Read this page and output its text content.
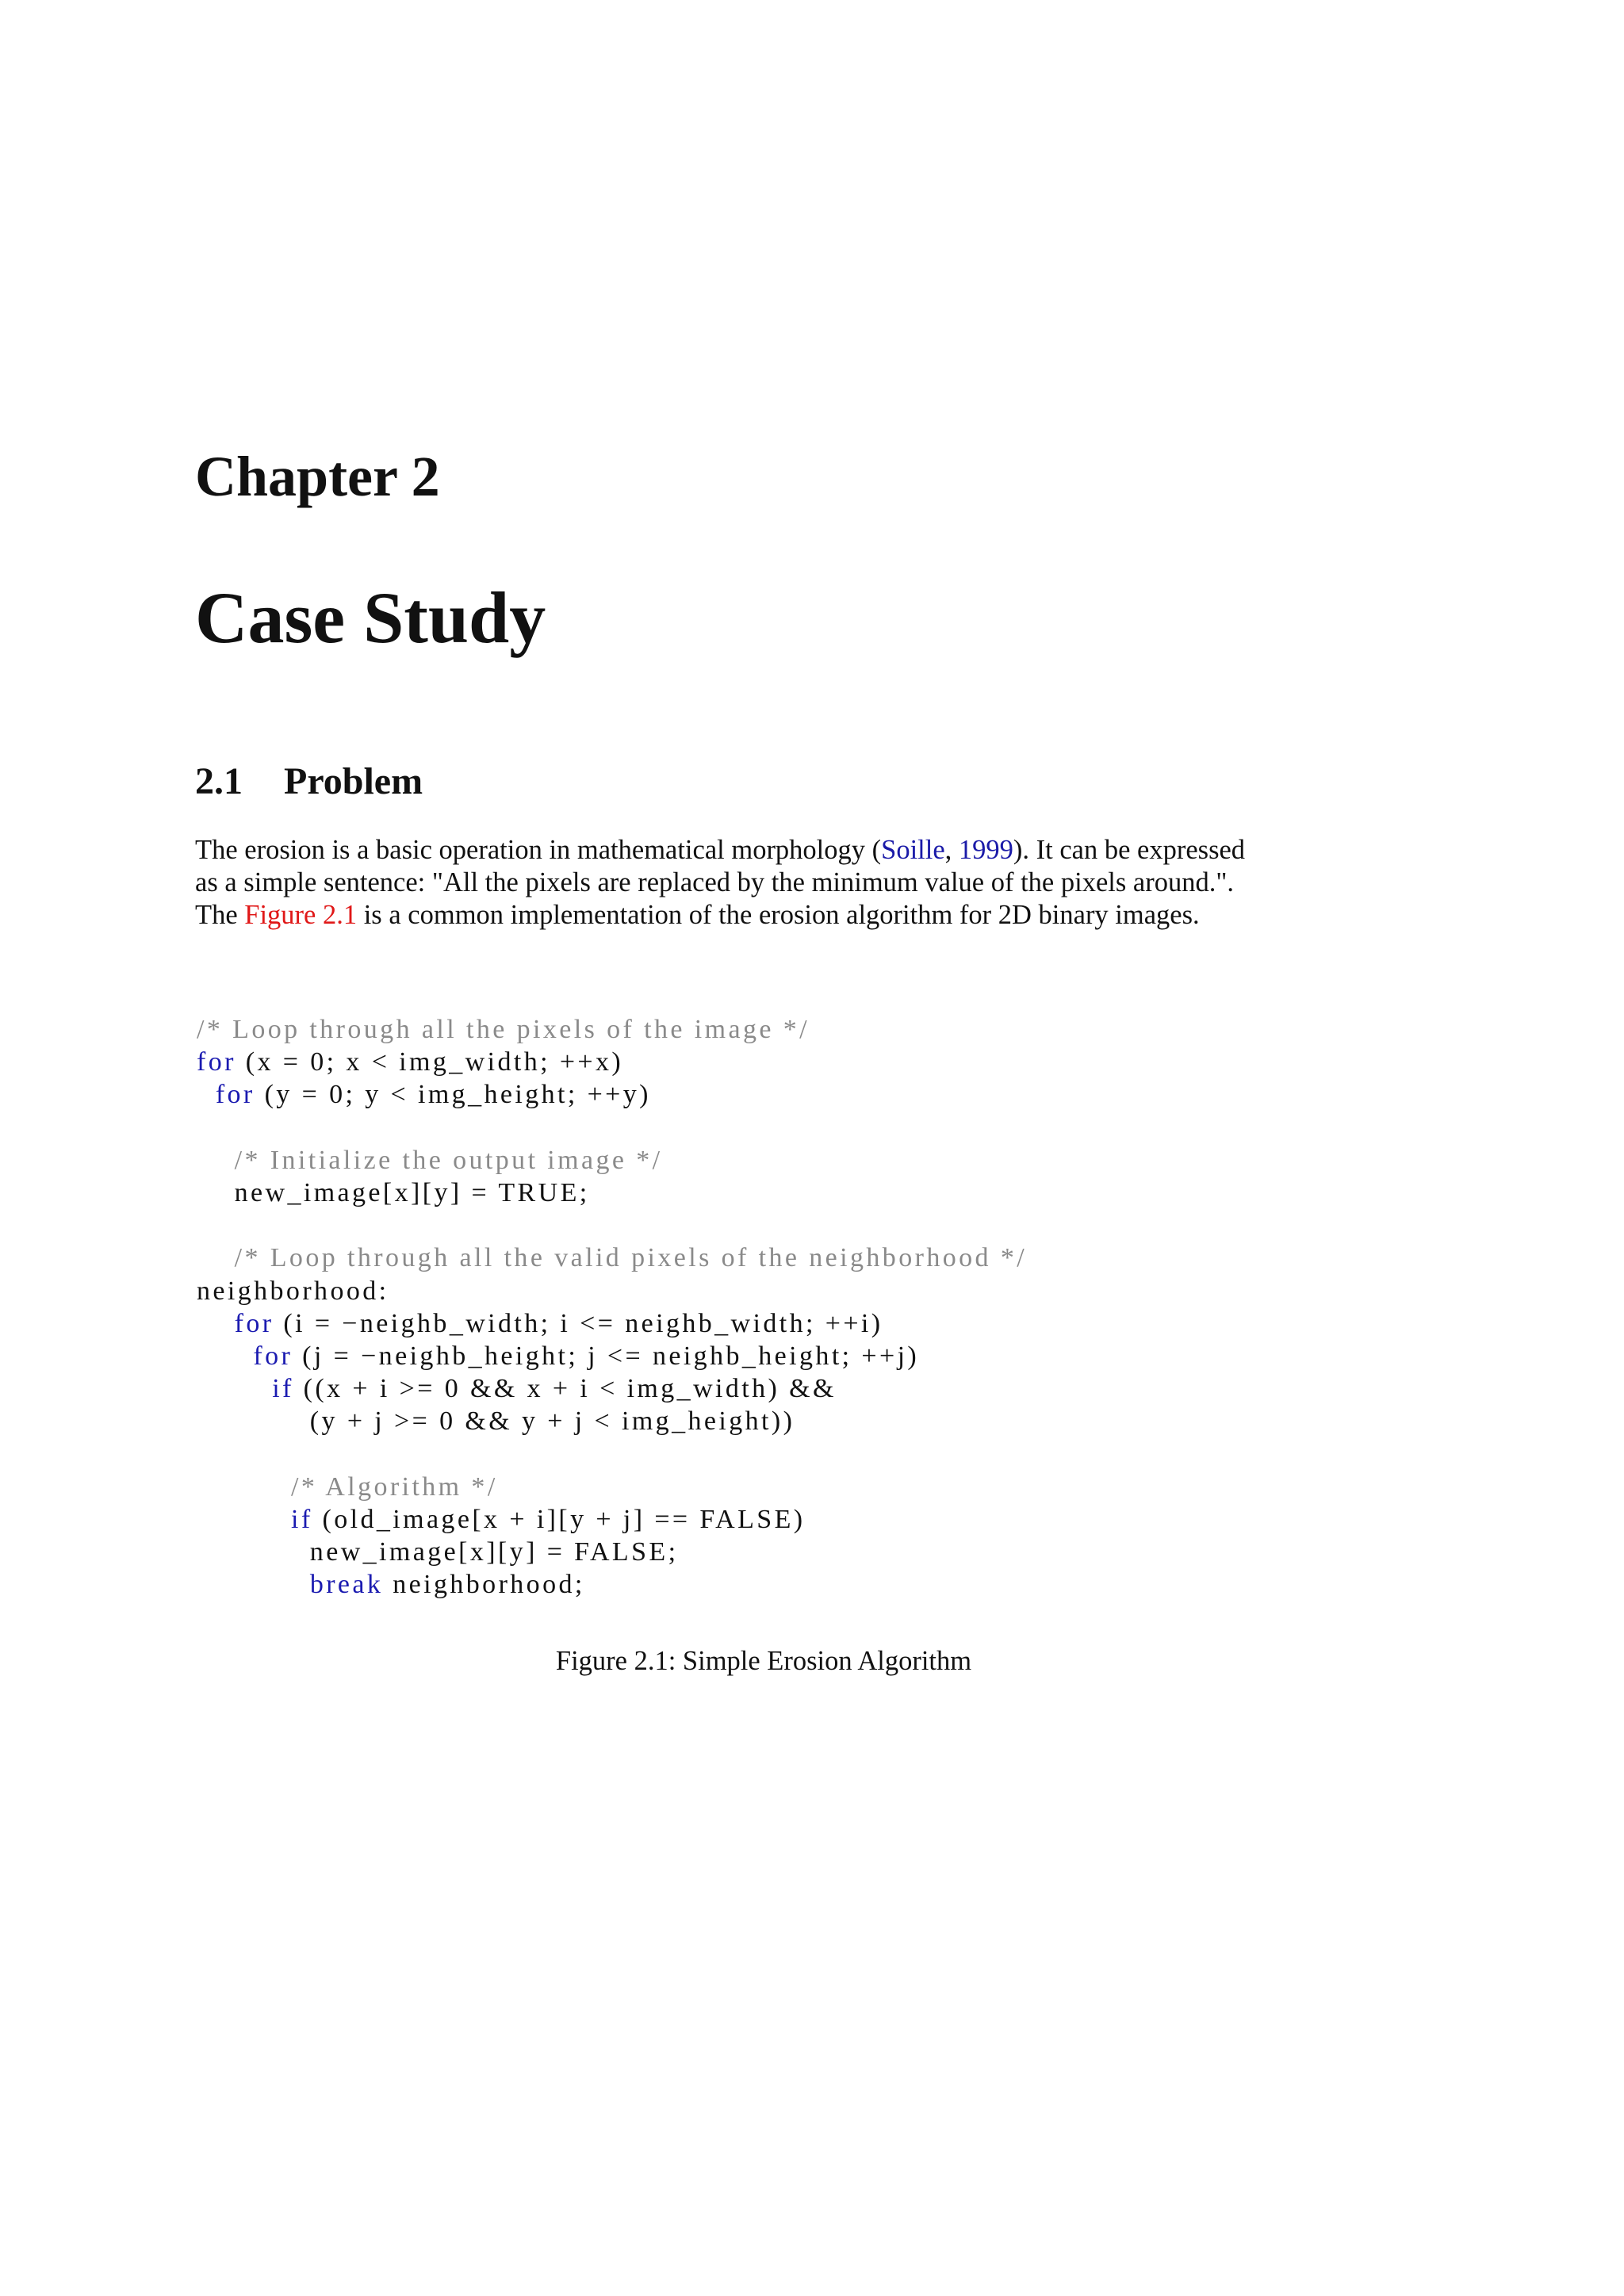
Chapter 2
Case Study
2.1 Problem
The erosion is a basic operation in mathematical morphology (Soille, 1999). It can be expressed
as a simple sentence: "All the pixels are replaced by the minimum value of the pixels around.".
The Figure 2.1 is a common implementation of the erosion algorithm for 2D binary images.
/* Loop through all the pixels of the image */
for (x = 0; x < img_width; ++x)
for (y = 0; y < img_height; ++y)
/* Initialize the output image */
new_image[x][y] = TRUE;
/* Loop through all the valid pixels of the neighborhood */
neighborhood:
for (i = −neighb_width; i <= neighb_width; ++i)
for (j = −neighb_height; j <= neighb_height; ++j)
if ((x + i >= 0 && x + i < img_width) &&
(y + j >= 0 && y + j < img_height))
/* Algorithm */
if (old_image[x + i][y + j] == FALSE)
new_image[x][y] = FALSE;
break neighborhood;
Figure 2.1: Simple Erosion Algorithm
